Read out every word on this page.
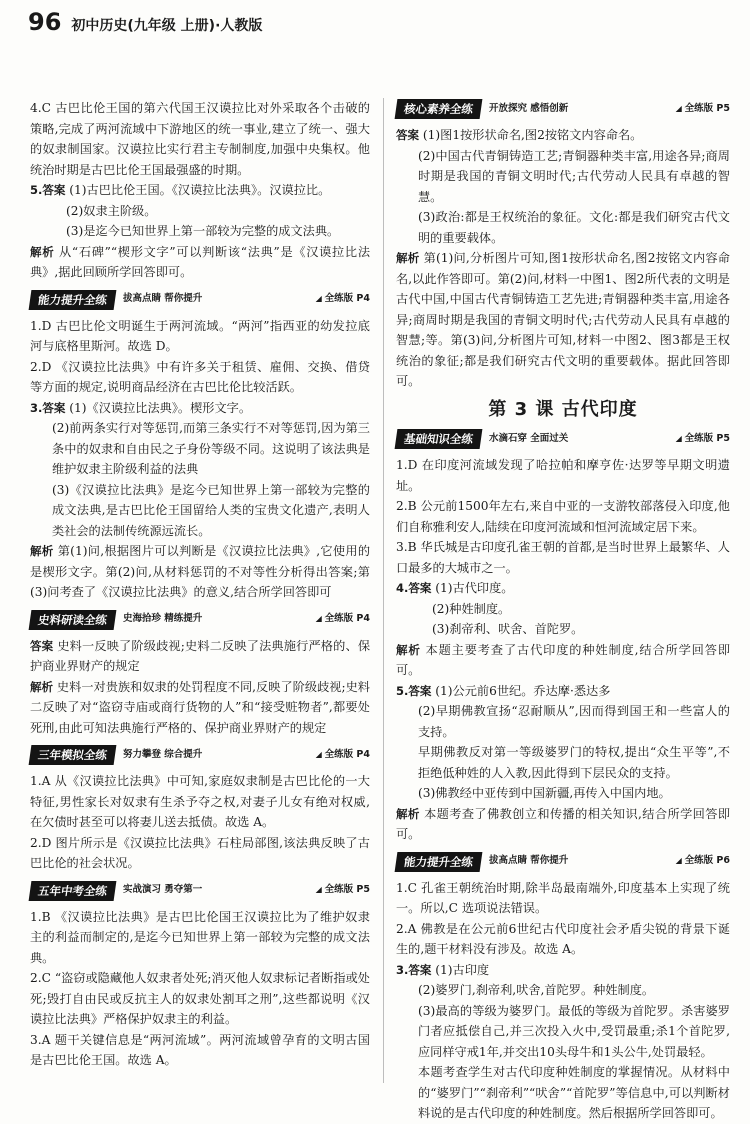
96 初中历史(九年级 上册)·人教版

4.C 古巴比伦王国的第六代国王汉谟拉比对外采取各个击破的策略,完成了两河流域中下游地区的统一事业,建立了统一、强大的奴隶制国家。汉谟拉比实行君主专制制度,加强中央集权。他统治时期是古巴比伦王国最强盛的时期。

5.答案 (1)古巴比伦王国。《汉谟拉比法典》。汉谟拉比。

(2)奴隶主阶级。

(3)是迄今已知世界上第一部较为完整的成文法典。

解析 从“石碑”“楔形文字”可以判断该“法典”是《汉谟拉比法典》,据此回顾所学回答即可。

能力提升全练	拔高点睛 帮你提升	◢ 全练版 P4

1.D 古巴比伦文明诞生于两河流域。“两河”指西亚的幼发拉底河与底格里斯河。故选 D。

2.D 《汉谟拉比法典》中有许多关于租赁、雇佣、交换、借贷等方面的规定,说明商品经济在古巴比伦比较活跃。

3.答案 (1)《汉谟拉比法典》。楔形文字。

(2)前两条实行对等惩罚,而第三条实行不对等惩罚,因为第三条中的奴隶和自由民之子身份等级不同。这说明了该法典是维护奴隶主阶级利益的法典

(3)《汉谟拉比法典》是迄今已知世界上第一部较为完整的成文法典,是古巴比伦王国留给人类的宝贵文化遗产,表明人类社会的法制传统源远流长。

解析 第(1)问,根据图片可以判断是《汉谟拉比法典》,它使用的是楔形文字。第(2)问,从材料惩罚的不对等性分析得出答案;第(3)问考查了《汉谟拉比法典》的意义,结合所学回答即可

史料研读全练	史海拾珍 精练提升	◢ 全练版 P4

答案 史料一反映了阶级歧视;史料二反映了法典施行严格的、保护商业界财产的规定

解析 史料一对贵族和奴隶的处罚程度不同,反映了阶级歧视;史料二反映了对“盗窃寺庙或商行货物的人”和“接受赃物者”,都要处死刑,由此可知法典施行严格的、保护商业界财产的规定

三年模拟全练	努力攀登 综合提升	◢ 全练版 P4

1.A 从《汉谟拉比法典》中可知,家庭奴隶制是古巴比伦的一大特征,男性家长对奴隶有生杀予夺之权,对妻子儿女有绝对权威,在欠债时甚至可以将妻儿送去抵债。故选 A。

2.D 图片所示是《汉谟拉比法典》石柱局部图,该法典反映了古巴比伦的社会状况。

五年中考全练	实战演习 勇夺第一	◢ 全练版 P5

1.B 《汉谟拉比法典》是古巴比伦国王汉谟拉比为了维护奴隶主的利益而制定的,是迄今已知世界上第一部较为完整的成文法典。

2.C “盗窃或隐藏他人奴隶者处死;消灭他人奴隶标记者断指或处死;毁打自由民或反抗主人的奴隶处割耳之刑”,这些都说明《汉谟拉比法典》严格保护奴隶主的利益。

3.A 题干关键信息是“两河流域”。两河流域曾孕育的文明古国是古巴比伦王国。故选 A。

核心素养全练	开放探究 感悟创新	◢ 全练版 P5

答案 (1)图1按形状命名,图2按铭文内容命名。

(2)中国古代青铜铸造工艺;青铜器种类丰富,用途各异;商周时期是我国的青铜文明时代;古代劳动人民具有卓越的智慧。

(3)政治:都是王权统治的象征。文化:都是我们研究古代文明的重要载体。

解析 第(1)问,分析图片可知,图1按形状命名,图2按铭文内容命名,以此作答即可。第(2)问,材料一中图1、图2所代表的文明是古代中国,中国古代青铜铸造工艺先进;青铜器种类丰富,用途各异;商周时期是我国的青铜文明时代;古代劳动人民具有卓越的智慧;等。第(3)问,分析图片可知,材料一中图2、图3都是王权统治的象征;都是我们研究古代文明的重要载体。据此回答即可。

第 3 课 古代印度
基础知识全练	水滴石穿 全面过关	◢ 全练版 P5

1.D 在印度河流域发现了哈拉帕和摩亨佐·达罗等早期文明遗址。

2.B 公元前1500年左右,来自中亚的一支游牧部落侵入印度,他们自称雅利安人,陆续在印度河流域和恒河流域定居下来。

3.B 华氏城是古印度孔雀王朝的首都,是当时世界上最繁华、人口最多的大城市之一。

4.答案 (1)古代印度。

(2)种姓制度。

(3)刹帝利、吠舍、首陀罗。

解析 本题主要考查了古代印度的种姓制度,结合所学回答即可。

5.答案 (1)公元前6世纪。乔达摩·悉达多

(2)早期佛教宣扬“忍耐顺从”,因而得到国王和一些富人的支持。

早期佛教反对第一等级婆罗门的特权,提出“众生平等”,不拒绝低种姓的人入教,因此得到下层民众的支持。

(3)佛教经中亚传到中国新疆,再传入中国内地。

解析 本题考查了佛教创立和传播的相关知识,结合所学回答即可。

能力提升全练	拔高点睛 帮你提升	◢ 全练版 P6

1.C 孔雀王朝统治时期,除半岛最南端外,印度基本上实现了统一。所以,C 选项说法错误。

2.A 佛教是在公元前6世纪古代印度社会矛盾尖锐的背景下诞生的,题干材料没有涉及。故选 A。

3.答案 (1)古印度

(2)婆罗门,刹帝利,吠舍,首陀罗。种姓制度。

(3)最高的等级为婆罗门。最低的等级为首陀罗。杀害婆罗门者应抵偿自己,并三次投入火中,受罚最重;杀1个首陀罗,应同样守戒1年,并交出10头母牛和1头公牛,处罚最轻。

本题考查学生对古代印度种姓制度的掌握情况。从材料中的“婆罗门”“刹帝利”“吠舍”“首陀罗”等信息中,可以判断材料说的是古代印度的种姓制度。然后根据所学回答即可。
